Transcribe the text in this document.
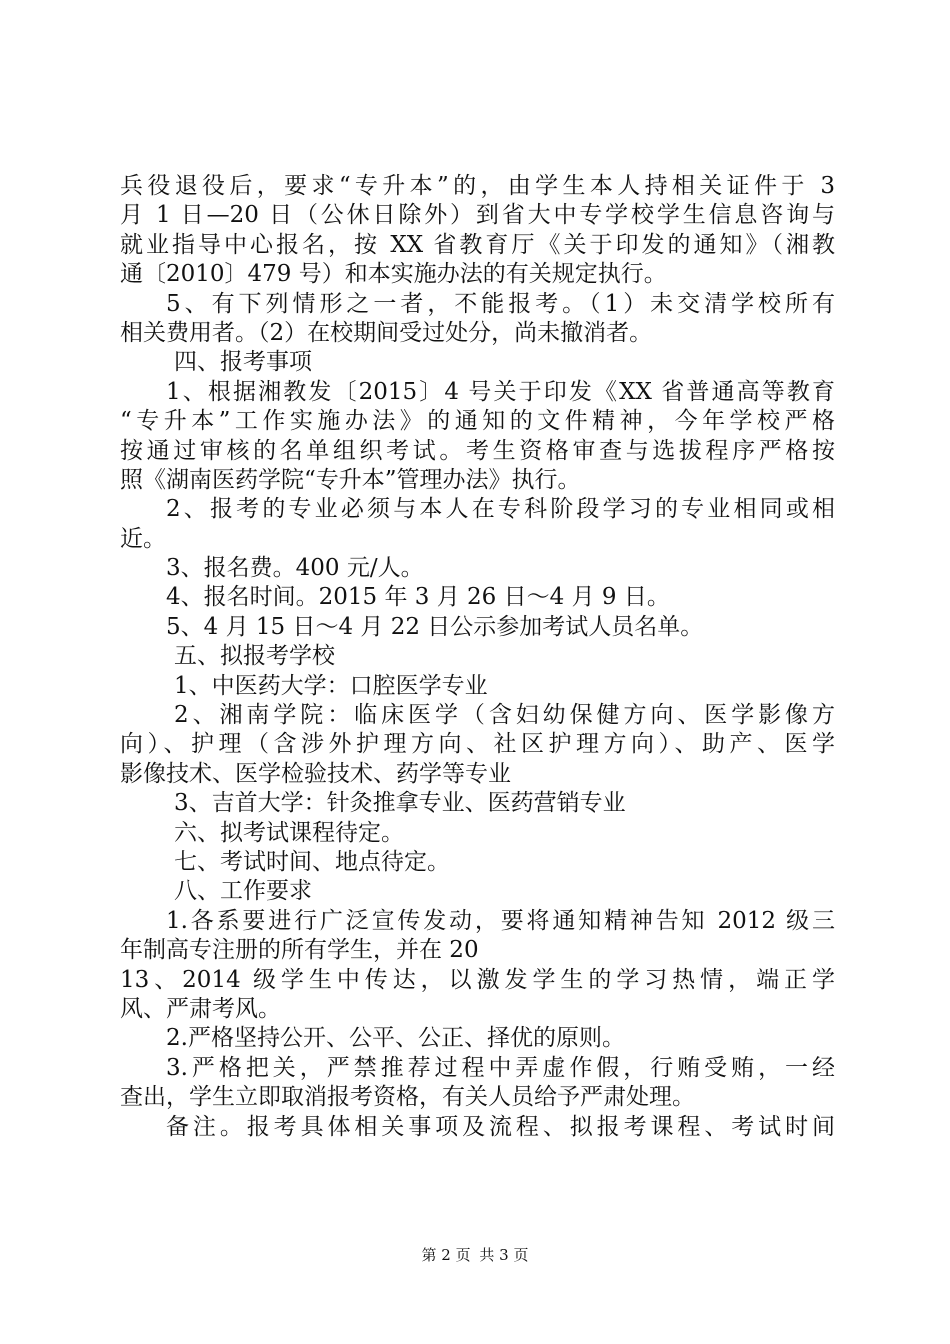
兵役退役后，要求“专升本”的，由学生本人持相关证件于 3
月 1 日—20 日（公休日除外）到省大中专学校学生信息咨询与
就业指导中心报名，按 XX 省教育厅《关于印发的通知》（湘教
通〔2010〕479 号）和本实施办法的有关规定执行。
5、有下列情形之一者，不能报考。（1）未交清学校所有
相关费用者。（2）在校期间受过处分，尚未撤消者。
四、报考事项
1、根据湘教发〔2015〕4 号关于印发《XX 省普通高等教育
“专升本”工作实施办法》的通知的文件精神，今年学校严格
按通过审核的名单组织考试。考生资格审查与选拔程序严格按
照《湖南医药学院“专升本”管理办法》执行。
2、报考的专业必须与本人在专科阶段学习的专业相同或相
近。
3、报名费。400 元/人。
4、报名时间。2015 年 3 月 26 日～4 月 9 日。
5、4 月 15 日～4 月 22 日公示参加考试人员名单。
五、拟报考学校
1、中医药大学：口腔医学专业
2、湘南学院：临床医学（含妇幼保健方向、医学影像方
向）、护理（含涉外护理方向、社区护理方向）、助产、医学
影像技术、医学检验技术、药学等专业
3、吉首大学：针灸推拿专业、医药营销专业
六、拟考试课程待定。
七、考试时间、地点待定。
八、工作要求
1.各系要进行广泛宣传发动，要将通知精神告知 2012 级三
年制高专注册的所有学生，并在 20
13、2014 级学生中传达，以激发学生的学习热情，端正学
风、严肃考风。
2.严格坚持公开、公平、公正、择优的原则。
3.严格把关，严禁推荐过程中弄虚作假，行贿受贿，一经
查出，学生立即取消报考资格，有关人员给予严肃处理。
备注。报考具体相关事项及流程、拟报考课程、考试时间
第 2 页 共 3 页
